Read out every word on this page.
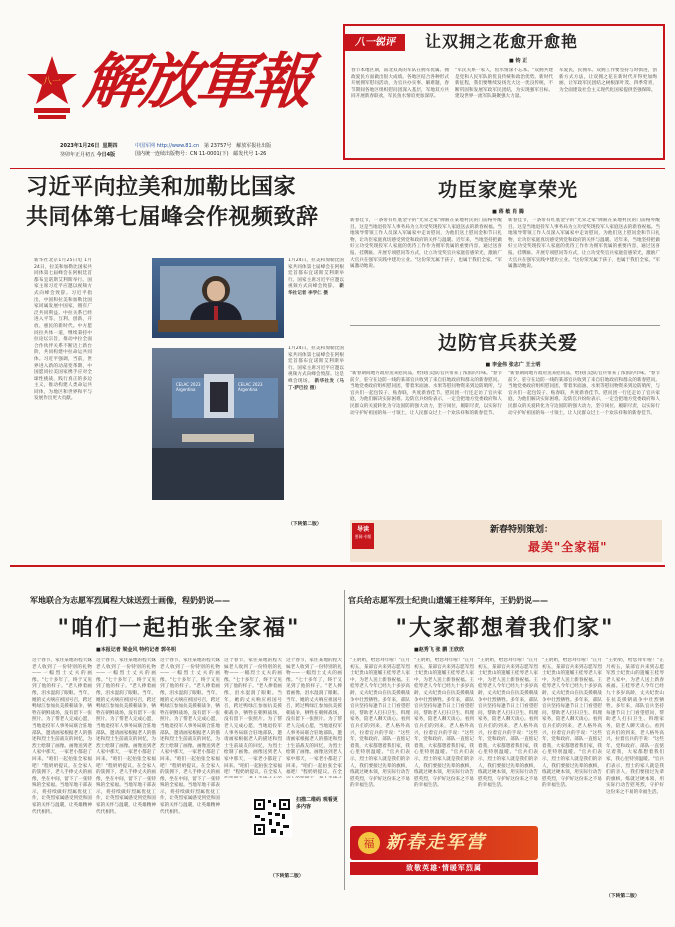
八一 解放軍報
2023年1月26日 星期四
癸卯年正月初五 今日4版
中国军网 http://www.81.cn 第 23757号 解放军报社出版
国内统一连续出版物号：CN 11-0001(下) 邮发代号 1-26
八一锐评	让双拥之花愈开愈艳
■ 钧 正
春节本地区期，南北双高的军队在拥军优属、拥政爱民方面做出很大成绩。各地区结合各种形式开展拥军慰问活动，为官兵办实事、解难题，春节期间各地区组织慰问团深入基层，军地双方共同开展新春联欢，军民鱼水情谊更加深厚。
"军民关系一家人，鱼水情深不忘本。"双拥共建是党和人民军队的优良传统和政治优势。新时代新征程，我们要继续发扬光大这一优良传统，不断巩固和发展军政军民团结，为实现强军目标、建设世界一流军队凝聚强大力量。
军爱民，民拥军。双拥工作要坚持与时俱进，创新方式方法，让双拥之花在新时代开得更加绚丽，让军政军民团结之树根深叶茂、四季常青，为全面建设社会主义现代化国家提供坚强保障。
习近平向拉美和加勒比国家
共同体第七届峰会作视频致辞
新华社北京1月25日电 1月24日，拉美和加勒比国家共同体第七届峰会在阿根廷首都布宜诺斯艾利斯举行。国家主席习近平应邀以视频方式向峰会致辞。习近平指出，中国和拉美和加勒比国家同属发展中国家，拥有广泛共同利益。中拉关系已经进入平等、互利、创新、开放、惠民的新时代。中方愿同拉共体一道，继续秉持中拉论坛宗旨，推动中拉全面合作伙伴关系不断迈上新台阶，共同构建中拉命运共同体。习近平强调，当前，世界进入新的动荡变革期，中国愿同拉美国家携手应对全球性挑战，践行真正的多边主义，推动构建人类命运共同体，为地区和世界和平与发展作出更大贡献。
1月24日，拉美和加勒比国家共同体第七届峰会在阿根廷首都布宜诺斯艾利斯举行。国家主席习近平应邀以视频方式向峰会致辞。 新华社记者 李学仁 摄
CELAC 2023 Argentina
CELAC 2023 Argentina
1月24日，拉美和加勒比国家共同体第七届峰会在阿根廷首都布宜诺斯艾利斯举行。国家主席习近平应邀以视频方式向峰会致辞。这是峰会现场。 新华社发（马丁·萨巴拉 摄）
（下转第二版）
功臣家庭享荣光
■ 蒋 敏 肖 腾
新春佳节，一条带有红底金字的"光荣之家"牌匾在某地村民的门前格外醒目。这是当地退役军人事务局为立功受奖现役军人家庭送去的新春祝福。当地领导带领工作人员深入军属家中走访慰问，为他们送上慰问金和节日礼物，让功臣家庭真切感受到党和政府的关怀与温暖。近年来，当地坚持把做好立功受奖现役军人家庭的优待工作作为拥军优属的重要内容，通过送喜报、挂牌匾、开展专项慰问等方式，让立功受奖官兵家庭倍感荣光，激励广大官兵在强军实践中建功立业。"这份荣光属于孩子，也属于我们全家。"军属激动地说。
新春佳节，一条带有红底金字的"光荣之家"牌匾在某地村民的门前格外醒目。这是当地退役军人事务局为立功受奖现役军人家庭送去的新春祝福。当地领导带领工作人员深入军属家中走访慰问，为他们送上慰问金和节日礼物，让功臣家庭真切感受到党和政府的关怀与温暖。近年来，当地坚持把做好立功受奖现役军人家庭的优待工作作为拥军优属的重要内容，通过送喜报、挂牌匾、开展专项慰问等方式，让立功受奖官兵家庭倍感荣光，激励广大官兵在强军实践中建功立业。"这份荣光属于孩子，也属于我们全家。"军属激动地说。
边防官兵获关爱
■ 李金伟 张志广 王士明
"新春期间地方政府送来慰问品，给我们边防官兵带来了浓浓的年味。"春节前夕，驻守在边防一线的某部官兵收到了来自驻地政府和群众的新春慰问。当地党委政府组织慰问团，带着米面油、水果等慰问物资来到边防哨所，与官兵们一起包饺子、贴春联，共度新春佳节。慰问团一行还走访了官兵家庭，为他们解决实际困难。边防官兵纷纷表示，一定会把地方党委政府和人民群众的关爱转化为守边固防的强大动力，坚守岗位，履职尽责，以实际行动守护好祖国的每一寸领土，让人民群众过上一个欢乐祥和的新春佳节。
"新春期间地方政府送来慰问品，给我们边防官兵带来了浓浓的年味。"春节前夕，驻守在边防一线的某部官兵收到了来自驻地政府和群众的新春慰问。当地党委政府组织慰问团，带着米面油、水果等慰问物资来到边防哨所，与官兵们一起包饺子、贴春联，共度新春佳节。慰问团一行还走访了官兵家庭，为他们解决实际困难。边防官兵纷纷表示，一定会把地方党委政府和人民群众的关爱转化为守边固防的强大动力，坚守岗位，履职尽责，以实际行动守护好祖国的每一寸领土，让人民群众过上一个欢乐祥和的新春佳节。
导读
要闻·专题
新春特别策划：
最美"全家福"
军地联合为志愿军烈属程大妹送烈士画像，程奶奶说——
"咱们一起拍张全家福"
■本报记者 梁金风 特约记者 郭冬明
这个春节，家住某地的程大妹老人收到了一份特别的礼物——一幅烈士丈夫的画像。"七十多年了，终于又见到了他的样子。"老人捧着画像，泪水湿润了眼眶。当年，她的丈夫响应祖国号召，跨过鸭绿江参加抗美援朝战争，牺牲在朝鲜战场，没有留下一张照片。为了帮老人完成心愿，当地退役军人事务局联合驻地部队，邀请画家根据老人的描述和烈士生前战友的回忆，为烈士绘制了画像。画像送到老人家中那天，一家老小都赶了回来。"咱们一起拍张全家福吧！"程奶奶提议。在全家人的簇拥下，老人手捧丈夫的画像，坐在中间，留下了一张特殊的全家福。当地军地干部表示，将持续做好烈属优抚工作，让英烈家属感受到党和国家的关怀与温暖，让英雄精神代代相传。
这个春节，家住某地的程大妹老人收到了一份特别的礼物——一幅烈士丈夫的画像。"七十多年了，终于又见到了他的样子。"老人捧着画像，泪水湿润了眼眶。当年，她的丈夫响应祖国号召，跨过鸭绿江参加抗美援朝战争，牺牲在朝鲜战场，没有留下一张照片。为了帮老人完成心愿，当地退役军人事务局联合驻地部队，邀请画家根据老人的描述和烈士生前战友的回忆，为烈士绘制了画像。画像送到老人家中那天，一家老小都赶了回来。"咱们一起拍张全家福吧！"程奶奶提议。在全家人的簇拥下，老人手捧丈夫的画像，坐在中间，留下了一张特殊的全家福。当地军地干部表示，将持续做好烈属优抚工作，让英烈家属感受到党和国家的关怀与温暖，让英雄精神代代相传。
这个春节，家住某地的程大妹老人收到了一份特别的礼物——一幅烈士丈夫的画像。"七十多年了，终于又见到了他的样子。"老人捧着画像，泪水湿润了眼眶。当年，她的丈夫响应祖国号召，跨过鸭绿江参加抗美援朝战争，牺牲在朝鲜战场，没有留下一张照片。为了帮老人完成心愿，当地退役军人事务局联合驻地部队，邀请画家根据老人的描述和烈士生前战友的回忆，为烈士绘制了画像。画像送到老人家中那天，一家老小都赶了回来。"咱们一起拍张全家福吧！"程奶奶提议。在全家人的簇拥下，老人手捧丈夫的画像，坐在中间，留下了一张特殊的全家福。当地军地干部表示，将持续做好烈属优抚工作，让英烈家属感受到党和国家的关怀与温暖，让英雄精神代代相传。
这个春节，家住某地的程大妹老人收到了一份特别的礼物——一幅烈士丈夫的画像。"七十多年了，终于又见到了他的样子。"老人捧着画像，泪水湿润了眼眶。当年，她的丈夫响应祖国号召，跨过鸭绿江参加抗美援朝战争，牺牲在朝鲜战场，没有留下一张照片。为了帮老人完成心愿，当地退役军人事务局联合驻地部队，邀请画家根据老人的描述和烈士生前战友的回忆，为烈士绘制了画像。画像送到老人家中那天，一家老小都赶了回来。"咱们一起拍张全家福吧！"程奶奶提议。在全家人
这个春节，家住某地的程大妹老人收到了一份特别的礼物——一幅烈士丈夫的画像。"七十多年了，终于又见到了他的样子。"老人捧着画像，泪水湿润了眼眶。当年，她的丈夫响应祖国号召，跨过鸭绿江参加抗美援朝战争，牺牲在朝鲜战场，没有留下一张照片。为了帮老人完成心愿，当地退役军人事务局联合驻地部队，邀请画家根据老人的描述和烈士生前战友的回忆，为烈士绘制了画像。画像送到老人家中那天，一家老小都赶了回来。"咱们一起拍张全家福吧！"程奶奶提议。在全
扫描二维码 观看更多内容
（下转第二版）
官兵给志愿军烈士纪贵山遗孀王桂琴拜年，王奶奶说——
"大家都想着我们家"
■赵秀飞 张 鹏 王欣欣
"王奶奶，给您拜年啦！"正月初五，某部官兵来到志愿军烈士纪贵山的遗孀王桂琴老人家中，为老人送上新春祝福。王桂琴老人今年已经九十多岁高龄，丈夫纪贵山在抗美援朝战争中壮烈牺牲。多年来，部队官兵坚持每逢节日上门看望慰问，帮助老人打扫卫生、料理家务，陪老人聊天谈心。看到官兵们的到来，老人格外高兴，拉着官兵的手说："这些年，党和政府、部队一直惦记着我，大家都想着我们家，我心里特别温暖。"官兵们表示，烈士的家人就是我们的亲人，我们要接过先辈的旗帜，练就过硬本领，用实际行动告慰英烈，守护好这份来之不易的幸福生活。
"王奶奶，给您拜年啦！"正月初五，某部官兵来到志愿军烈士纪贵山的遗孀王桂琴老人家中，为老人送上新春祝福。王桂琴老人今年已经九十多岁高龄，丈夫纪贵山在抗美援朝战争中壮烈牺牲。多年来，部队官兵坚持每逢节日上门看望慰问，帮助老人打扫卫生、料理家务，陪老人聊天谈心。看到官兵们的到来，老人格外高兴，拉着官兵的手说："这些年，党和政府、部队一直惦记着我，大家都想着我们家，我心里特别温暖。"官兵们表示，烈士的家人就是我们的亲人，我们要接过先辈的旗帜，练就过硬本领，用实际行动告慰英烈，守护好这份来之不易的幸福生活。
"王奶奶，给您拜年啦！"正月初五，某部官兵来到志愿军烈士纪贵山的遗孀王桂琴老人家中，为老人送上新春祝福。王桂琴老人今年已经九十多岁高龄，丈夫纪贵山在抗美援朝战争中壮烈牺牲。多年来，部队官兵坚持每逢节日上门看望慰问，帮助老人打扫卫生、料理家务，陪老人聊天谈心。看到官兵们的到来，老人格外高兴，拉着官兵的手说："这些年，党和政府、部队一直惦记着我，大家都想着我们家，我心里特别温暖。"官兵们表示，烈士的家人就是我们的亲人，我们要接过先辈的旗帜，练就过硬本领，用实际行动告慰英烈，守护好这份来之不易的幸福生活。
"王奶奶，给您拜年啦！"正月初五，某部官兵来到志愿军烈士纪贵山的遗孀王桂琴老人家中，为老人送上新春祝福。王桂琴老人今年已经九十多岁高龄，丈夫纪贵山在抗美援朝战争中壮烈牺牲。多年来，部队官兵坚持每逢节日上门看望慰问，帮助老人打扫卫生、料理家务，陪老人聊天谈心。看到官兵们的到来，老人格外高兴，拉着官兵的手说："这些年，党和政府、部队一直惦记着我，大家都想着我们家，我心里特别温暖。"官兵们表示，烈士的家人就是我们的亲人，我们要接过先辈的旗帜，练就过硬本领，用实际行动告慰英烈，守护好这份来之不易的幸福生活。
"王奶奶，给您拜年啦！"正月初五，某部官兵来到志愿军烈士纪贵山的遗孀王桂琴老人家中，为老人送上新春祝福。王桂琴老人今年已经九十多岁高龄，丈夫纪贵山在抗美援朝战争中壮烈牺牲。多年来，部队官兵坚持每逢节日上门看望慰问，帮助老人打扫卫生、料理家务，陪老人聊天谈心。看到官兵们的到来，老人格外高兴，拉着官兵的手说："这些年，党和政府、部队一直惦记着我，大家都想着我们家，我心里特别温暖。"官兵们表示，烈士的家人就是我们的亲人，我们要接过先辈的旗帜，练就过硬本领，用实际行动告慰英烈，守护好这份来之不易的幸福生活。
（下转第二版）
福 新春走军营
致敬英雄·情暖军烈属
